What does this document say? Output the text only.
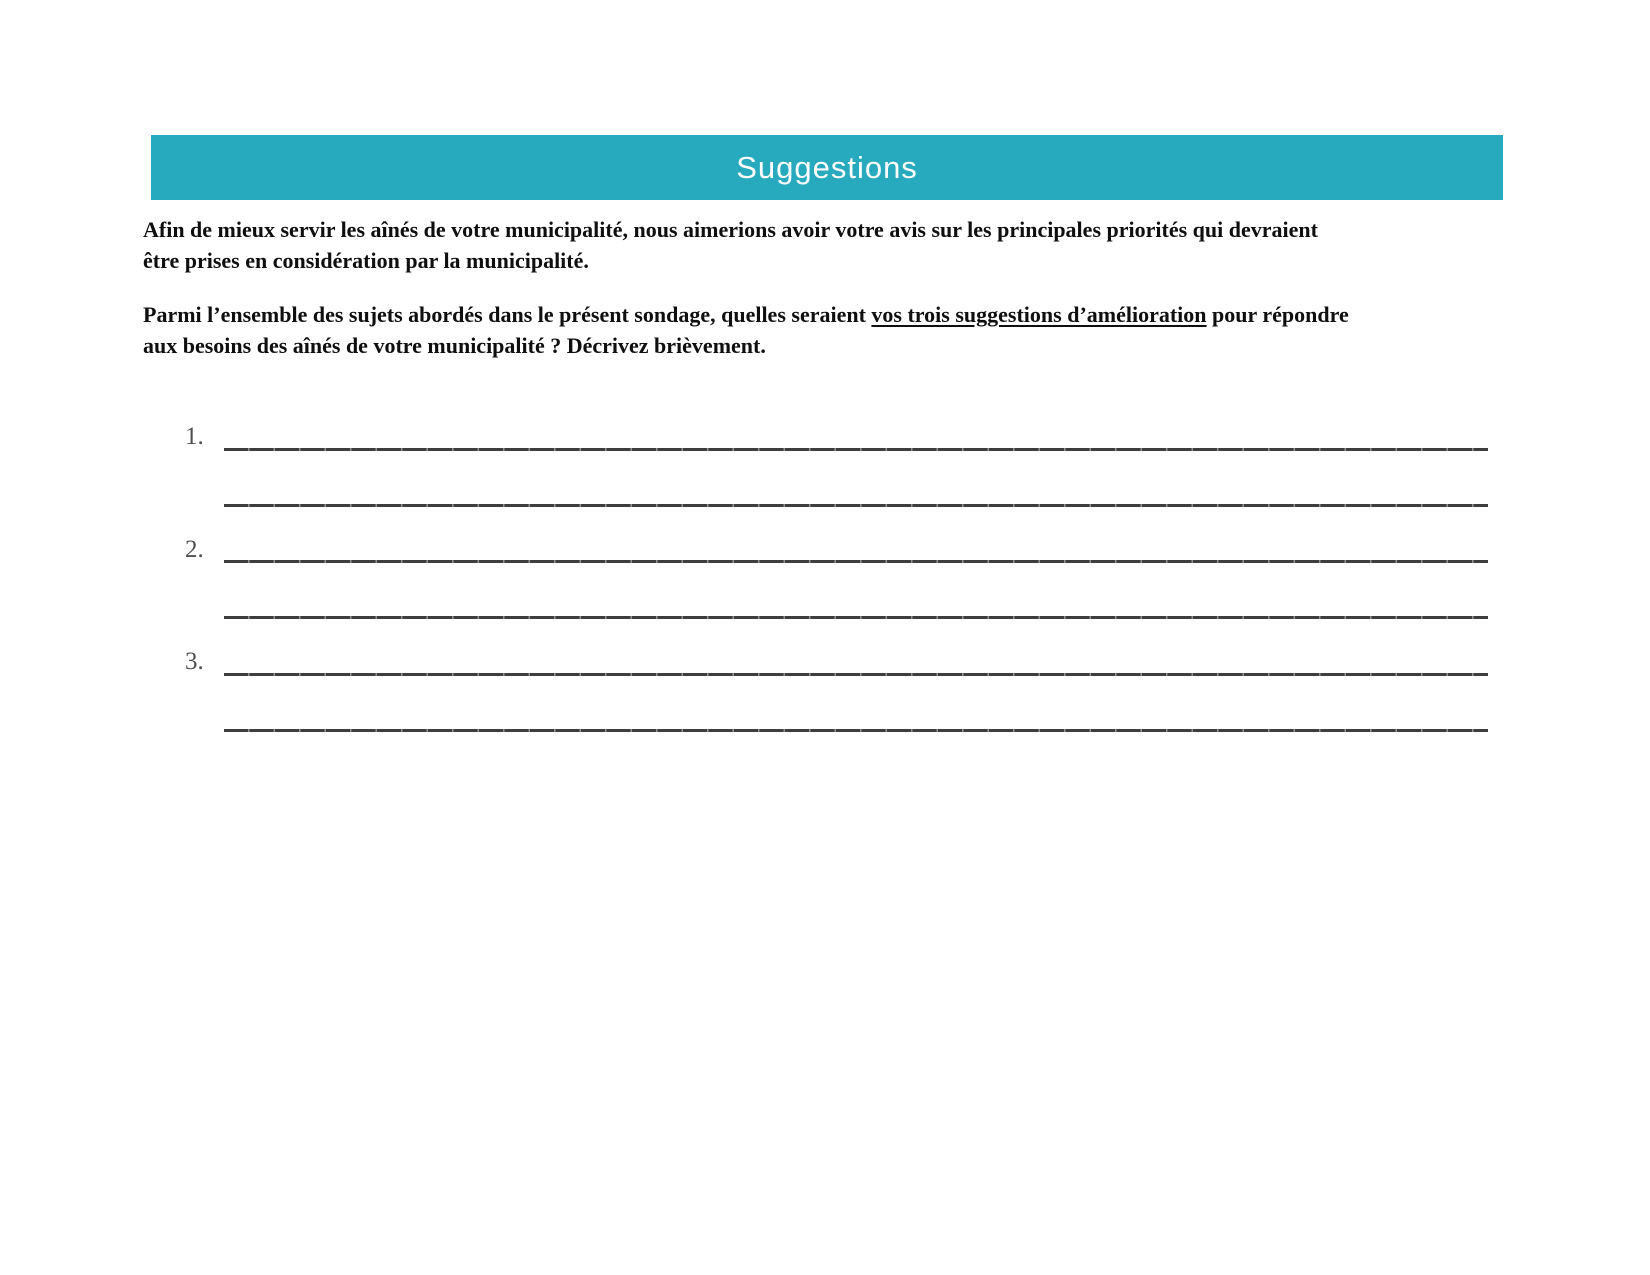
Suggestions
Afin de mieux servir les aînés de votre municipalité, nous aimerions avoir votre avis sur les principales priorités qui devraient
être prises en considération par la municipalité.
Parmi l’ensemble des sujets abordés dans le présent sondage, quelles seraient vos trois suggestions d’amélioration pour répondre
aux besoins des aînés de votre municipalité ? Décrivez brièvement.
1.
2.
3.
